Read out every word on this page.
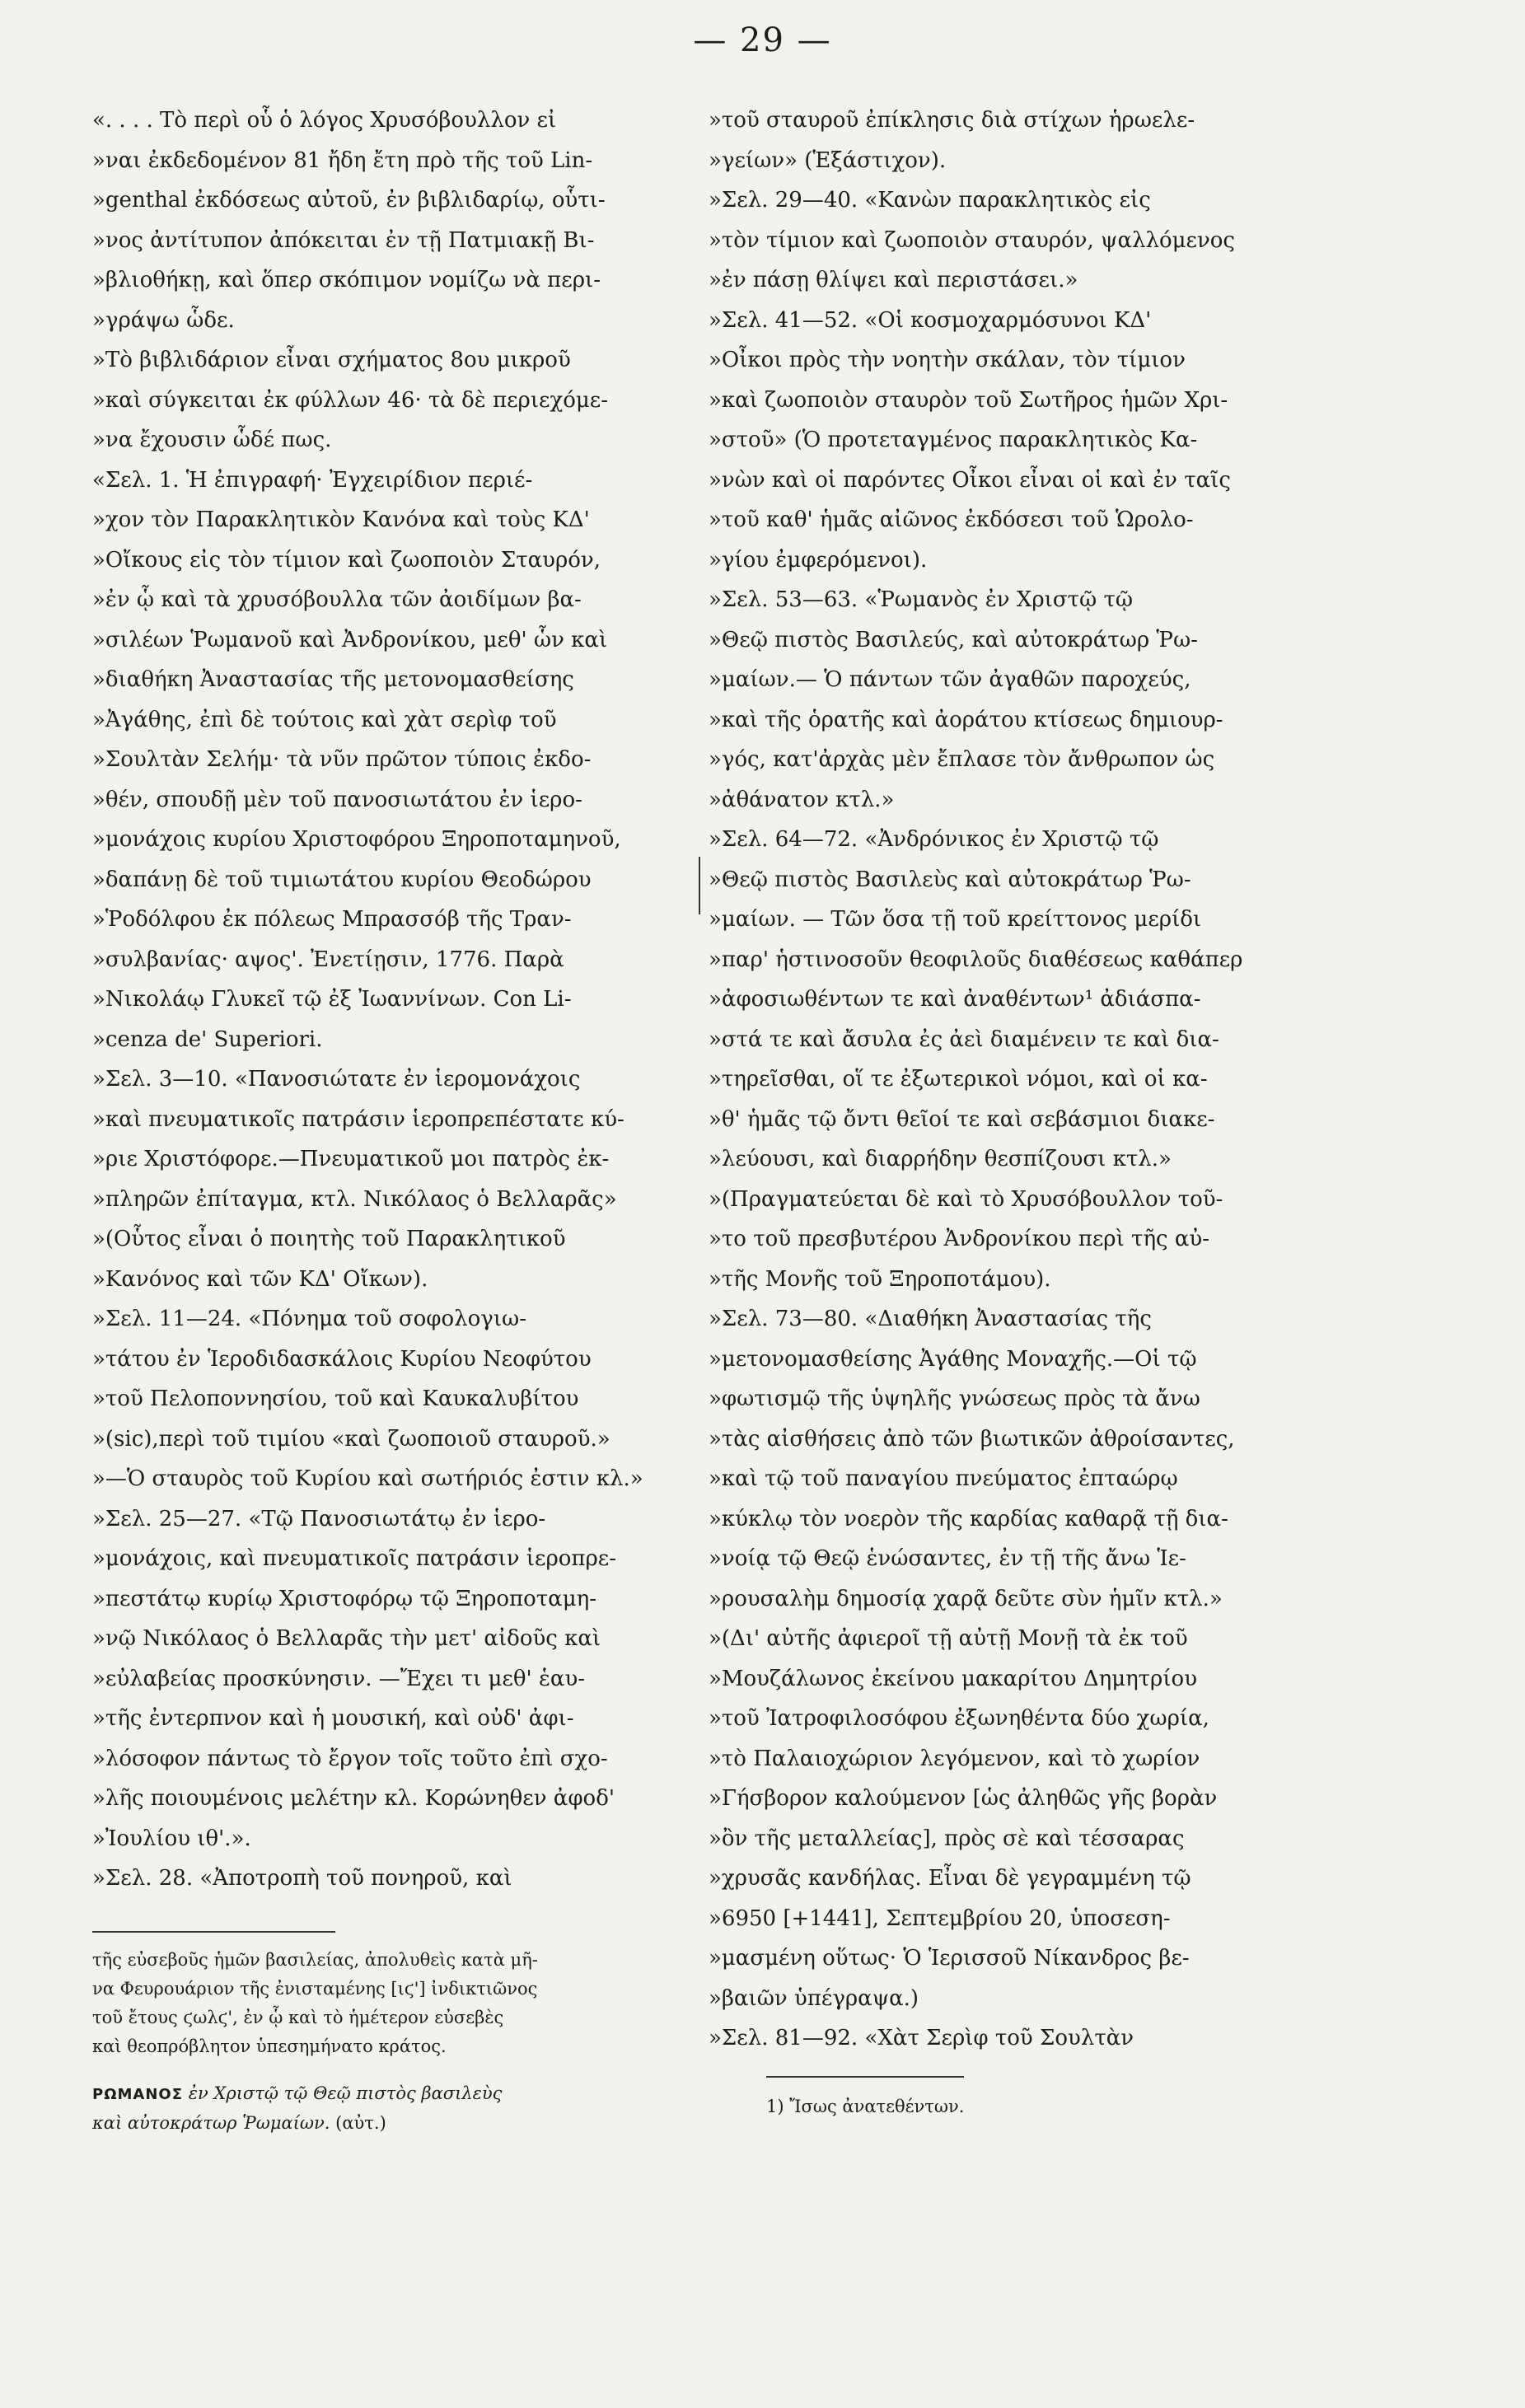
— 29 —

«. . . . Τὸ περὶ οὗ ὁ λόγος Χρυσόβουλλον εἰ

»ναι ἐκδεδομένον 81 ἤδη ἔτη πρὸ τῆς τοῦ Lin-

»genthal ἐκδόσεως αὐτοῦ, ἐν βιβλιδαρίῳ, οὗτι-

»νος ἀντίτυπον ἀπόκειται ἐν τῇ Πατμιακῇ Βι-

»βλιοθήκῃ, καὶ ὅπερ σκόπιμον νομίζω νὰ περι-

»γράψω ὧδε.

»Τὸ βιβλιδάριον εἶναι σχήματος 8ου μικροῦ

»καὶ σύγκειται ἐκ φύλλων 46· τὰ δὲ περιεχόμε-

»να ἔχουσιν ὧδέ πως.

«Σελ. 1. Ἡ ἐπιγραφή· Ἐγχειρίδιον περιέ-

»χον τὸν Παρακλητικὸν Κανόνα καὶ τοὺς ΚΔ'

»Οἴκους εἰς τὸν τίμιον καὶ ζωοποιὸν Σταυρόν,

»ἐν ᾧ καὶ τὰ χρυσόβουλλα τῶν ἀοιδίμων βα-

»σιλέων Ῥωμανοῦ καὶ Ἀνδρονίκου, μεθ' ὧν καὶ

»διαθήκη Ἀναστασίας τῆς μετονομασθείσης

»Ἀγάθης, ἐπὶ δὲ τούτοις καὶ χὰτ σερὶφ τοῦ

»Σουλτὰν Σελήμ· τὰ νῦν πρῶτον τύποις ἐκδο-

»θέν, σπουδῇ μὲν τοῦ πανοσιωτάτου ἐν ἱερο-

»μονάχοις κυρίου Χριστοφόρου Ξηροποταμηνοῦ,

»δαπάνῃ δὲ τοῦ τιμιωτάτου κυρίου Θεοδώρου

»Ῥοδόλφου ἐκ πόλεως Μπρασσόβ τῆς Τραν-

»συλβανίας· αψος'. Ἐνετίῃσιν, 1776. Παρὰ

»Νικολάῳ Γλυκεῖ τῷ ἐξ Ἰωαννίνων. Con Li-

»cenza de' Superiori.

»Σελ. 3—10. «Πανοσιώτατε ἐν ἱερομονάχοις

»καὶ πνευματικοῖς πατράσιν ἱεροπρεπέστατε κύ-

»ριε Χριστόφορε.—Πνευματικοῦ μοι πατρὸς ἐκ-

»πληρῶν ἐπίταγμα, κτλ. Νικόλαος ὁ Βελλαρᾶς»

»(Οὗτος εἶναι ὁ ποιητὴς τοῦ Παρακλητικοῦ

»Κανόνος καὶ τῶν ΚΔ' Οἴκων).

»Σελ. 11—24. «Πόνημα τοῦ σοφολογιω-

»τάτου ἐν Ἱεροδιδασκάλοις Κυρίου Νεοφύτου

»τοῦ Πελοποννησίου, τοῦ καὶ Καυκαλυβίτου

»(sic),περὶ τοῦ τιμίου «καὶ ζωοποιοῦ σταυροῦ.»

»—Ὁ σταυρὸς τοῦ Κυρίου καὶ σωτήριός ἐστιν κλ.»

»Σελ. 25—27. «Τῷ Πανοσιωτάτῳ ἐν ἱερο-

»μονάχοις, καὶ πνευματικοῖς πατράσιν ἱεροπρε-

»πεστάτῳ κυρίῳ Χριστοφόρῳ τῷ Ξηροποταμη-

»νῷ Νικόλαος ὁ Βελλαρᾶς τὴν μετ' αἰδοῦς καὶ

»εὐλαβείας προσκύνησιν. —Ἔχει τι μεθ' ἑαυ-

»τῆς ἐντερπνον καὶ ἡ μουσική, καὶ οὐδ' ἀφι-

»λόσοφον πάντως τὸ ἔργον τοῖς τοῦτο ἐπὶ σχο-

»λῆς ποιουμένοις μελέτην κλ. Κορώνηθεν ἀφοδ'

»Ἰουλίου ιθ'.».

»Σελ. 28. «Ἀποτροπὴ τοῦ πονηροῦ, καὶ

»τοῦ σταυροῦ ἐπίκλησις διὰ στίχων ἡρωελε-

»γείων» (Ἑξάστιχον).

»Σελ. 29—40. «Κανὼν παρακλητικὸς εἰς

»τὸν τίμιον καὶ ζωοποιὸν σταυρόν, ψαλλόμενος

»ἐν πάσῃ θλίψει καὶ περιστάσει.»

»Σελ. 41—52. «Οἱ κοσμοχαρμόσυνοι ΚΔ'

»Οἶκοι πρὸς τὴν νοητὴν σκάλαν, τὸν τίμιον

»καὶ ζωοποιὸν σταυρὸν τοῦ Σωτῆρος ἡμῶν Χρι-

»στοῦ» (Ὁ προτεταγμένος παρακλητικὸς Κα-

»νὼν καὶ οἱ παρόντες Οἶκοι εἶναι οἱ καὶ ἐν ταῖς

»τοῦ καθ' ἡμᾶς αἰῶνος ἐκδόσεσι τοῦ Ὡρολο-

»γίου ἐμφερόμενοι).

»Σελ. 53—63. «Ῥωμανὸς ἐν Χριστῷ τῷ

»Θεῷ πιστὸς Βασιλεύς, καὶ αὐτοκράτωρ Ῥω-

»μαίων.— Ὁ πάντων τῶν ἀγαθῶν παροχεύς,

»καὶ τῆς ὁρατῆς καὶ ἀοράτου κτίσεως δημιουρ-

»γός, κατ'ἀρχὰς μὲν ἔπλασε τὸν ἄνθρωπον ὡς

»ἀθάνατον κτλ.»

»Σελ. 64—72. «Ἀνδρόνικος ἐν Χριστῷ τῷ

»Θεῷ πιστὸς Βασιλεὺς καὶ αὐτοκράτωρ Ῥω-

»μαίων. — Τῶν ὅσα τῇ τοῦ κρείττονος μερίδι

»παρ' ἡστινοσοῦν θεοφιλοῦς διαθέσεως καθάπερ

»ἀφοσιωθέντων τε καὶ ἀναθέντων¹ ἀδιάσπα-

»στά τε καὶ ἄσυλα ἐς ἀεὶ διαμένειν τε καὶ δια-

»τηρεῖσθαι, οἵ τε ἐξωτερικοὶ νόμοι, καὶ οἱ κα-

»θ' ἡμᾶς τῷ ὄντι θεῖοί τε καὶ σεβάσμιοι διακε-

»λεύουσι, καὶ διαρρήδην θεσπίζουσι κτλ.»

»(Πραγματεύεται δὲ καὶ τὸ Χρυσόβουλλον τοῦ-

»το τοῦ πρεσβυτέρου Ἀνδρονίκου περὶ τῆς αὐ-

»τῆς Μονῆς τοῦ Ξηροποτάμου).

»Σελ. 73—80. «Διαθήκη Ἀναστασίας τῆς

»μετονομασθείσης Ἀγάθης Μοναχῆς.—Οἱ τῷ

»φωτισμῷ τῆς ὑψηλῆς γνώσεως πρὸς τὰ ἄνω

»τὰς αἰσθήσεις ἀπὸ τῶν βιωτικῶν ἀθροίσαντες,

»καὶ τῷ τοῦ παναγίου πνεύματος ἐπταώρῳ

»κύκλῳ τὸν νοερὸν τῆς καρδίας καθαρᾷ τῇ δια-

»νοίᾳ τῷ Θεῷ ἑνώσαντες, ἐν τῇ τῆς ἄνω Ἱε-

»ρουσαλὴμ δημοσίᾳ χαρᾷ δεῦτε σὺν ἡμῖν κτλ.»

»(Δι' αὐτῆς ἀφιεροῖ τῇ αὐτῇ Μονῇ τὰ ἐκ τοῦ

»Μουζάλωνος ἐκείνου μακαρίτου Δημητρίου

»τοῦ Ἰατροφιλοσόφου ἐξωνηθέντα δύο χωρία,

»τὸ Παλαιοχώριον λεγόμενον, καὶ τὸ χωρίον

»Γήσβορον καλούμενον [ὡς ἀληθῶς γῆς βορὰν

»ὂν τῆς μεταλλείας], πρὸς σὲ καὶ τέσσαρας

»χρυσᾶς κανδήλας. Εἶναι δὲ γεγραμμένη τῷ

»6950 [+1441], Σεπτεμβρίου 20, ὑποσεση-

»μασμένη οὕτως· Ὁ Ἱερισσοῦ Νίκανδρος βε-

»βαιῶν ὑπέγραψα.)

»Σελ. 81—92. «Χὰτ Σερὶφ τοῦ Σουλτὰν

τῆς εὐσεβοῦς ἡμῶν βασιλείας, ἀπολυθεὶς κατὰ μῆ-

να Φευρουάριον τῆς ἐνισταμένης [ιϛ'] ἰνδικτιῶνος

τοῦ ἔτους ϛωλϛ', ἐν ᾧ καὶ τὸ ἡμέτερον εὐσεβὲς

καὶ θεοπρόβλητον ὑπεσημήνατο κράτος.

ΡΩΜΑΝΟΣ ἐν Χριστῷ τῷ Θεῷ πιστὸς βασιλεὺς

καὶ αὐτοκράτωρ Ῥωμαίων. (αὐτ.)

1) Ἴσως ἀνατεθέντων.
